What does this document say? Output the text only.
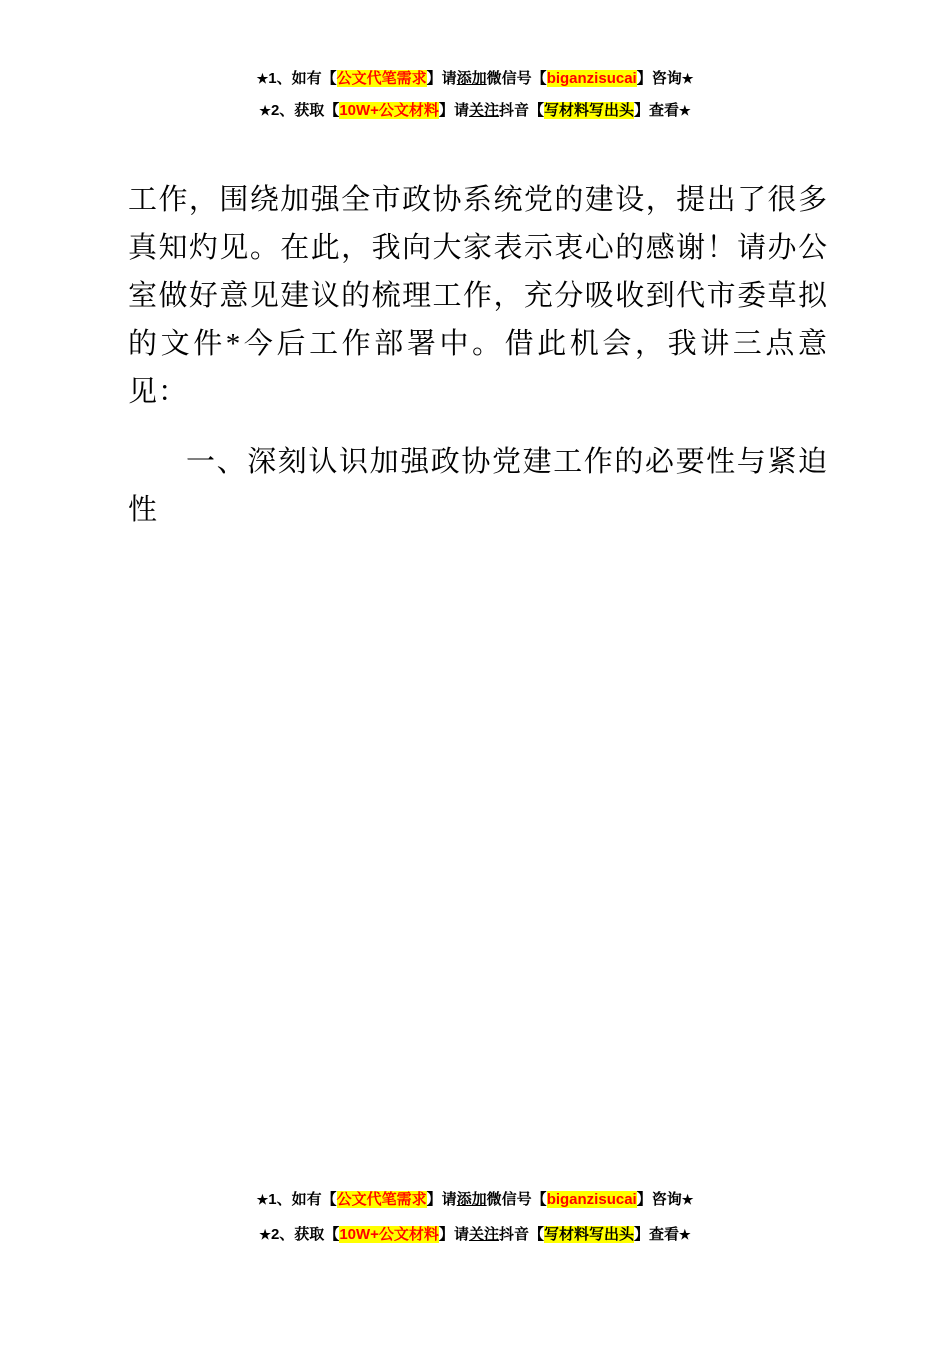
★1、如有【公文代笔需求】请添加微信号【biganzisucai】咨询★
★2、获取【10W+公文材料】请关注抖音【写材料写出头】查看★

工作，围绕加强全市政协系统党的建设，提出了很多真知灼见。在此，我向大家表示衷心的感谢！请办公室做好意见建议的梳理工作，充分吸收到代市委草拟的文件*今后工作部署中。借此机会，我讲三点意见：

一、深刻认识加强政协党建工作的必要性与紧迫性

★1、如有【公文代笔需求】请添加微信号【biganzisucai】咨询★
★2、获取【10W+公文材料】请关注抖音【写材料写出头】查看★
